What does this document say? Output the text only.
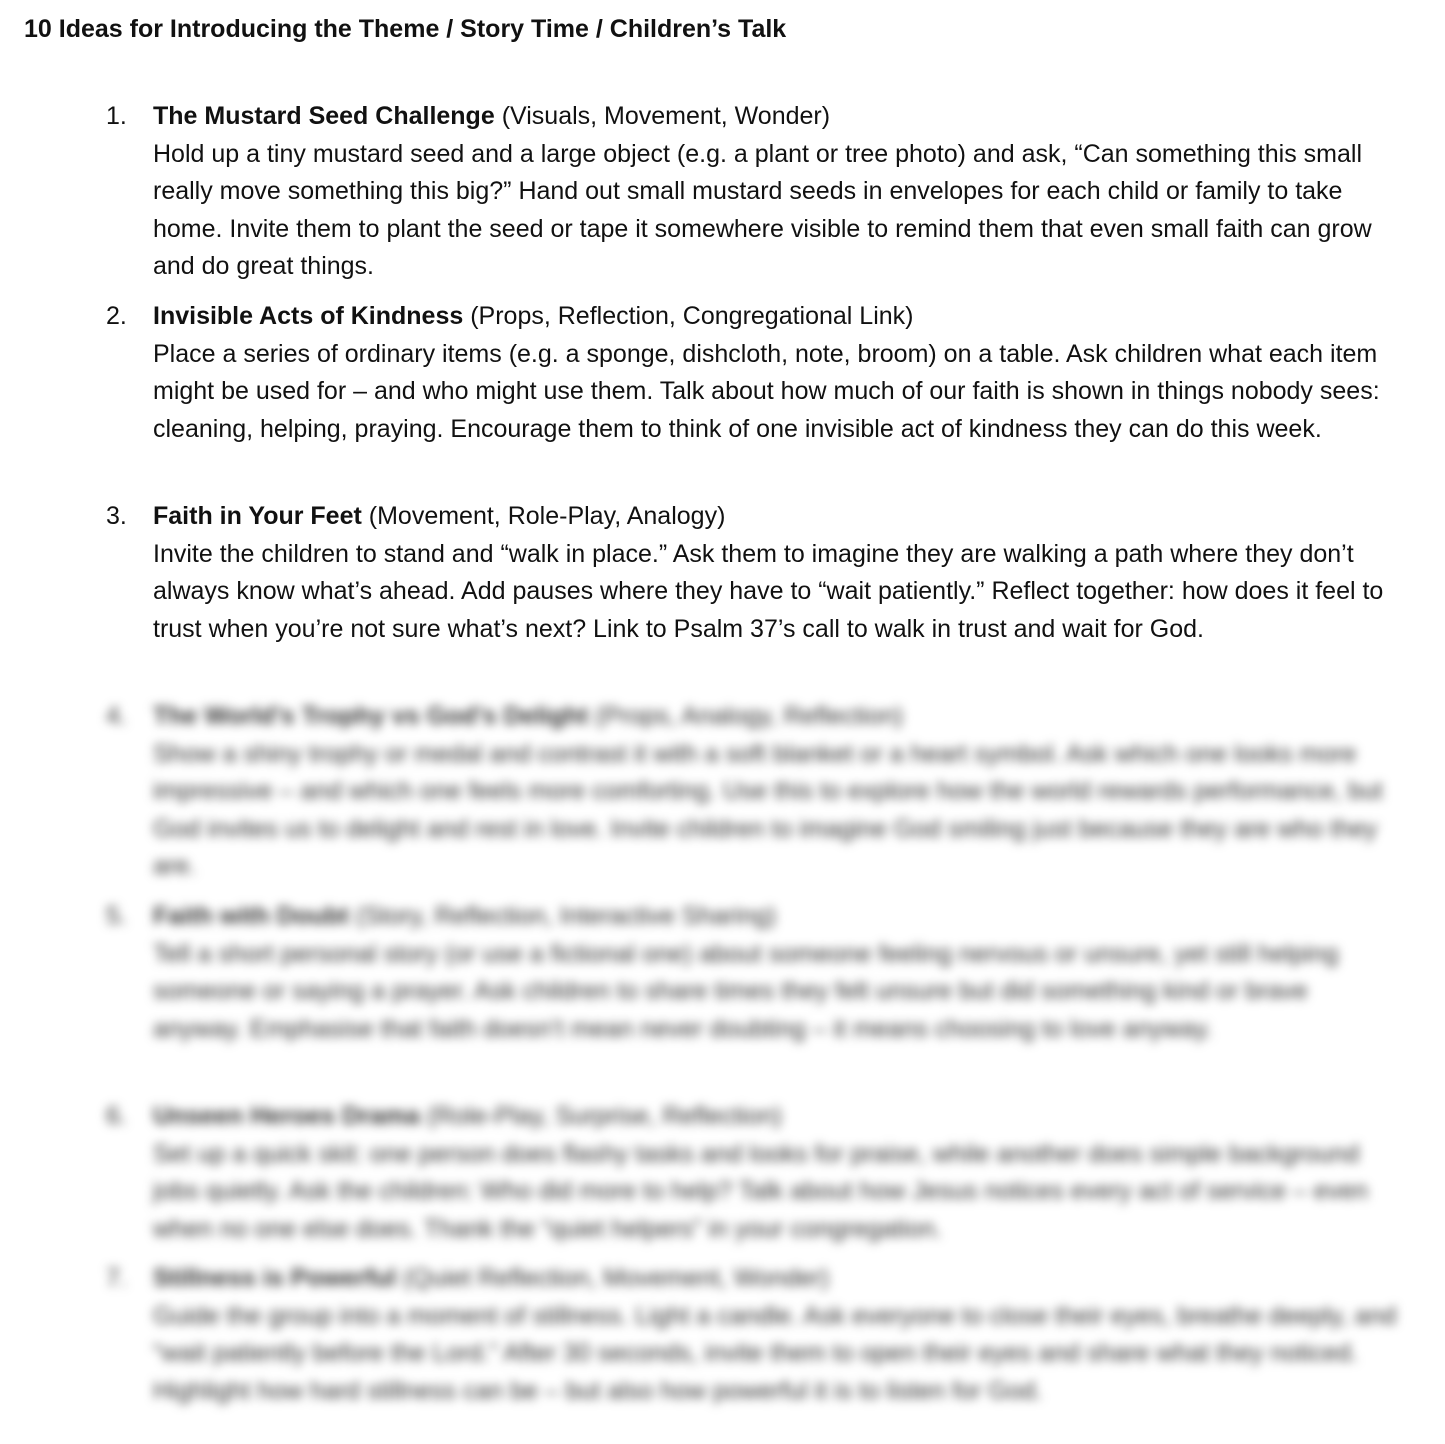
10 Ideas for Introducing the Theme / Story Time / Children’s Talk
1. The Mustard Seed Challenge (Visuals, Movement, Wonder)
Hold up a tiny mustard seed and a large object (e.g. a plant or tree photo) and ask, “Can something this small really move something this big?” Hand out small mustard seeds in envelopes for each child or family to take home. Invite them to plant the seed or tape it somewhere visible to remind them that even small faith can grow and do great things.
2. Invisible Acts of Kindness (Props, Reflection, Congregational Link)
Place a series of ordinary items (e.g. a sponge, dishcloth, note, broom) on a table. Ask children what each item might be used for – and who might use them. Talk about how much of our faith is shown in things nobody sees: cleaning, helping, praying. Encourage them to think of one invisible act of kindness they can do this week.
3. Faith in Your Feet (Movement, Role-Play, Analogy)
Invite the children to stand and “walk in place.” Ask them to imagine they are walking a path where they don’t always know what’s ahead. Add pauses where they have to “wait patiently.” Reflect together: how does it feel to trust when you’re not sure what’s next? Link to Psalm 37’s call to walk in trust and wait for God.
4. The World’s Trophy vs God’s Delight (Props, Analogy, Reflection)
Show a shiny trophy or medal and contrast it with a soft blanket or a heart symbol. Ask which one looks more impressive – and which one feels more comforting. Use this to explore how the world rewards performance, but God invites us to delight and rest in love. Invite children to imagine God smiling just because they are who they are.
5. Faith with Doubt (Story, Reflection, Interactive Sharing)
Tell a short personal story (or use a fictional one) about someone feeling nervous or unsure, yet still helping someone or saying a prayer. Ask children to share times they felt unsure but did something kind or brave anyway. Emphasise that faith doesn’t mean never doubting – it means choosing to love anyway.
6. Unseen Heroes Drama (Role-Play, Surprise, Reflection)
Set up a quick skit: one person does flashy tasks and looks for praise, while another does simple background jobs quietly. Ask the children: Who did more to help? Talk about how Jesus notices every act of service – even when no one else does. Thank the “quiet helpers” in your congregation.
7. Stillness is Powerful (Quiet Reflection, Movement, Wonder)
Guide the group into a moment of stillness. Light a candle. Ask everyone to close their eyes, breathe deeply, and “wait patiently before the Lord.” After 30 seconds, invite them to open their eyes and share what they noticed. Highlight how hard stillness can be – but also how powerful it is to listen for God.
